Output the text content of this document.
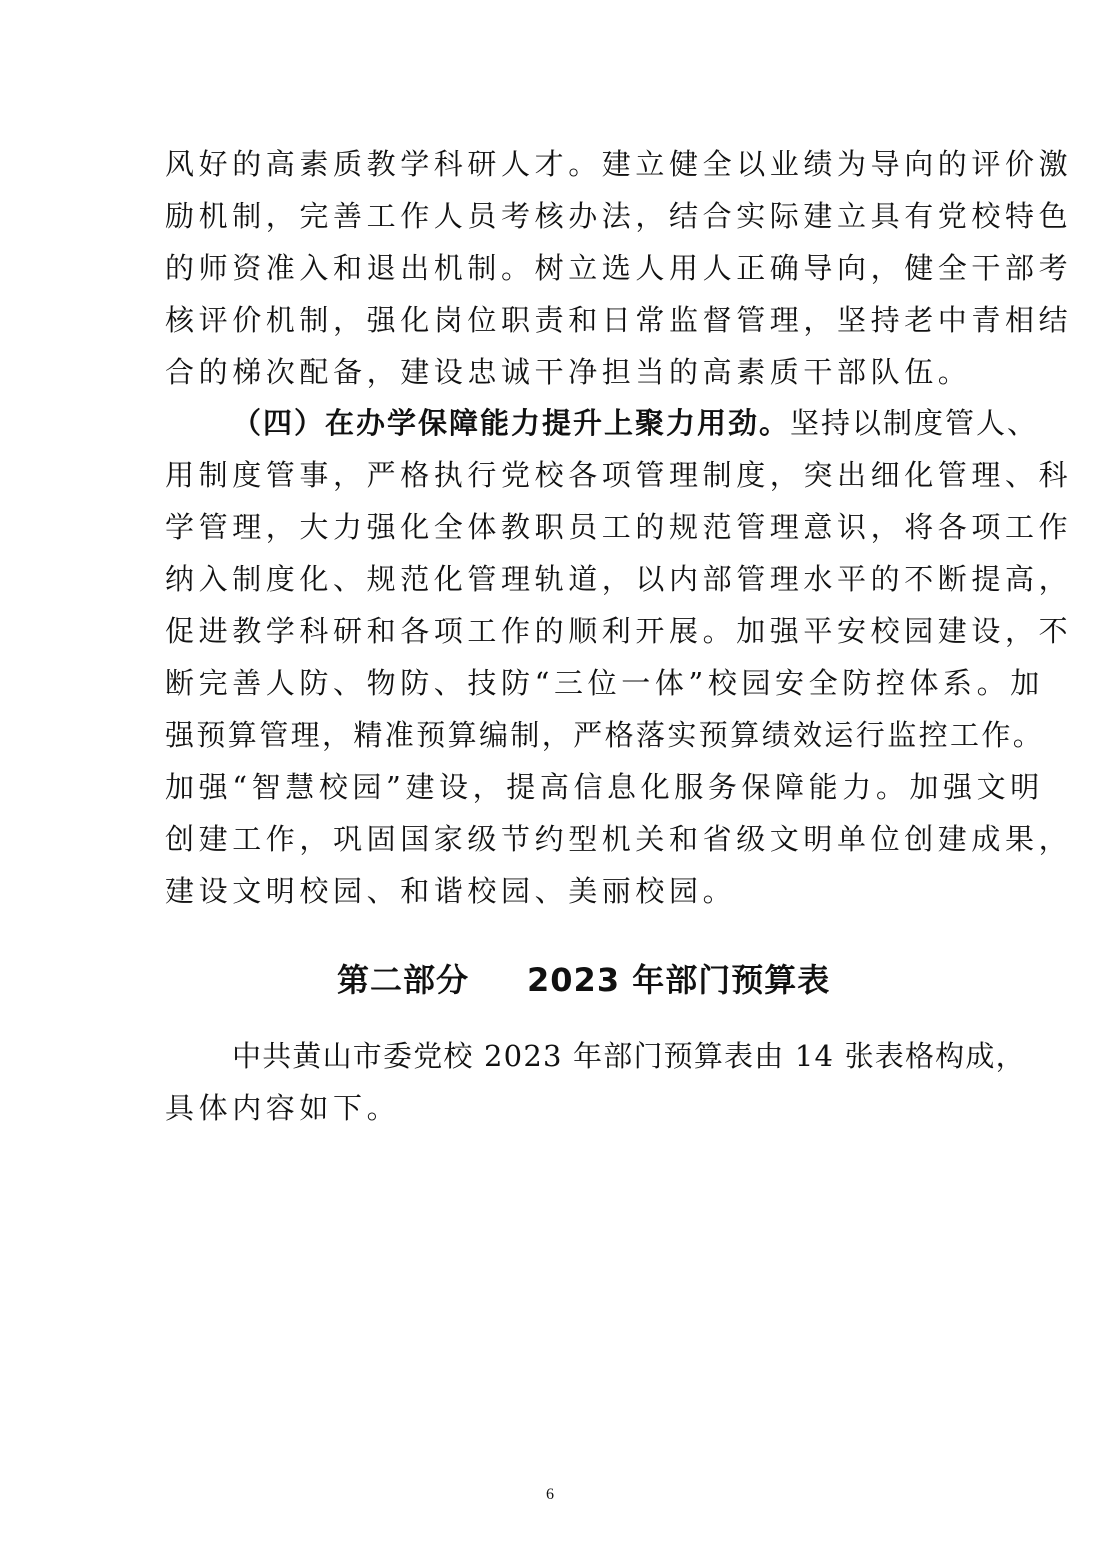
风好的高素质教学科研人才。建立健全以业绩为导向的评价激
励机制，完善工作人员考核办法，结合实际建立具有党校特色
的师资准入和退出机制。树立选人用人正确导向，健全干部考
核评价机制，强化岗位职责和日常监督管理，坚持老中青相结
合的梯次配备，建设忠诚干净担当的高素质干部队伍。
（四）在办学保障能力提升上聚力用劲。坚持以制度管人、
用制度管事，严格执行党校各项管理制度，突出细化管理、科
学管理，大力强化全体教职员工的规范管理意识，将各项工作
纳入制度化、规范化管理轨道，以内部管理水平的不断提高，
促进教学科研和各项工作的顺利开展。加强平安校园建设，不
断完善人防、物防、技防“三位一体”校园安全防控体系。加
强预算管理，精准预算编制，严格落实预算绩效运行监控工作。
加强“智慧校园”建设，提高信息化服务保障能力。加强文明
创建工作，巩固国家级节约型机关和省级文明单位创建成果，
建设文明校园、和谐校园、美丽校园。
第二部分 2023 年部门预算表
中共黄山市委党校 2023 年部门预算表由 14 张表格构成，
具体内容如下。
6
